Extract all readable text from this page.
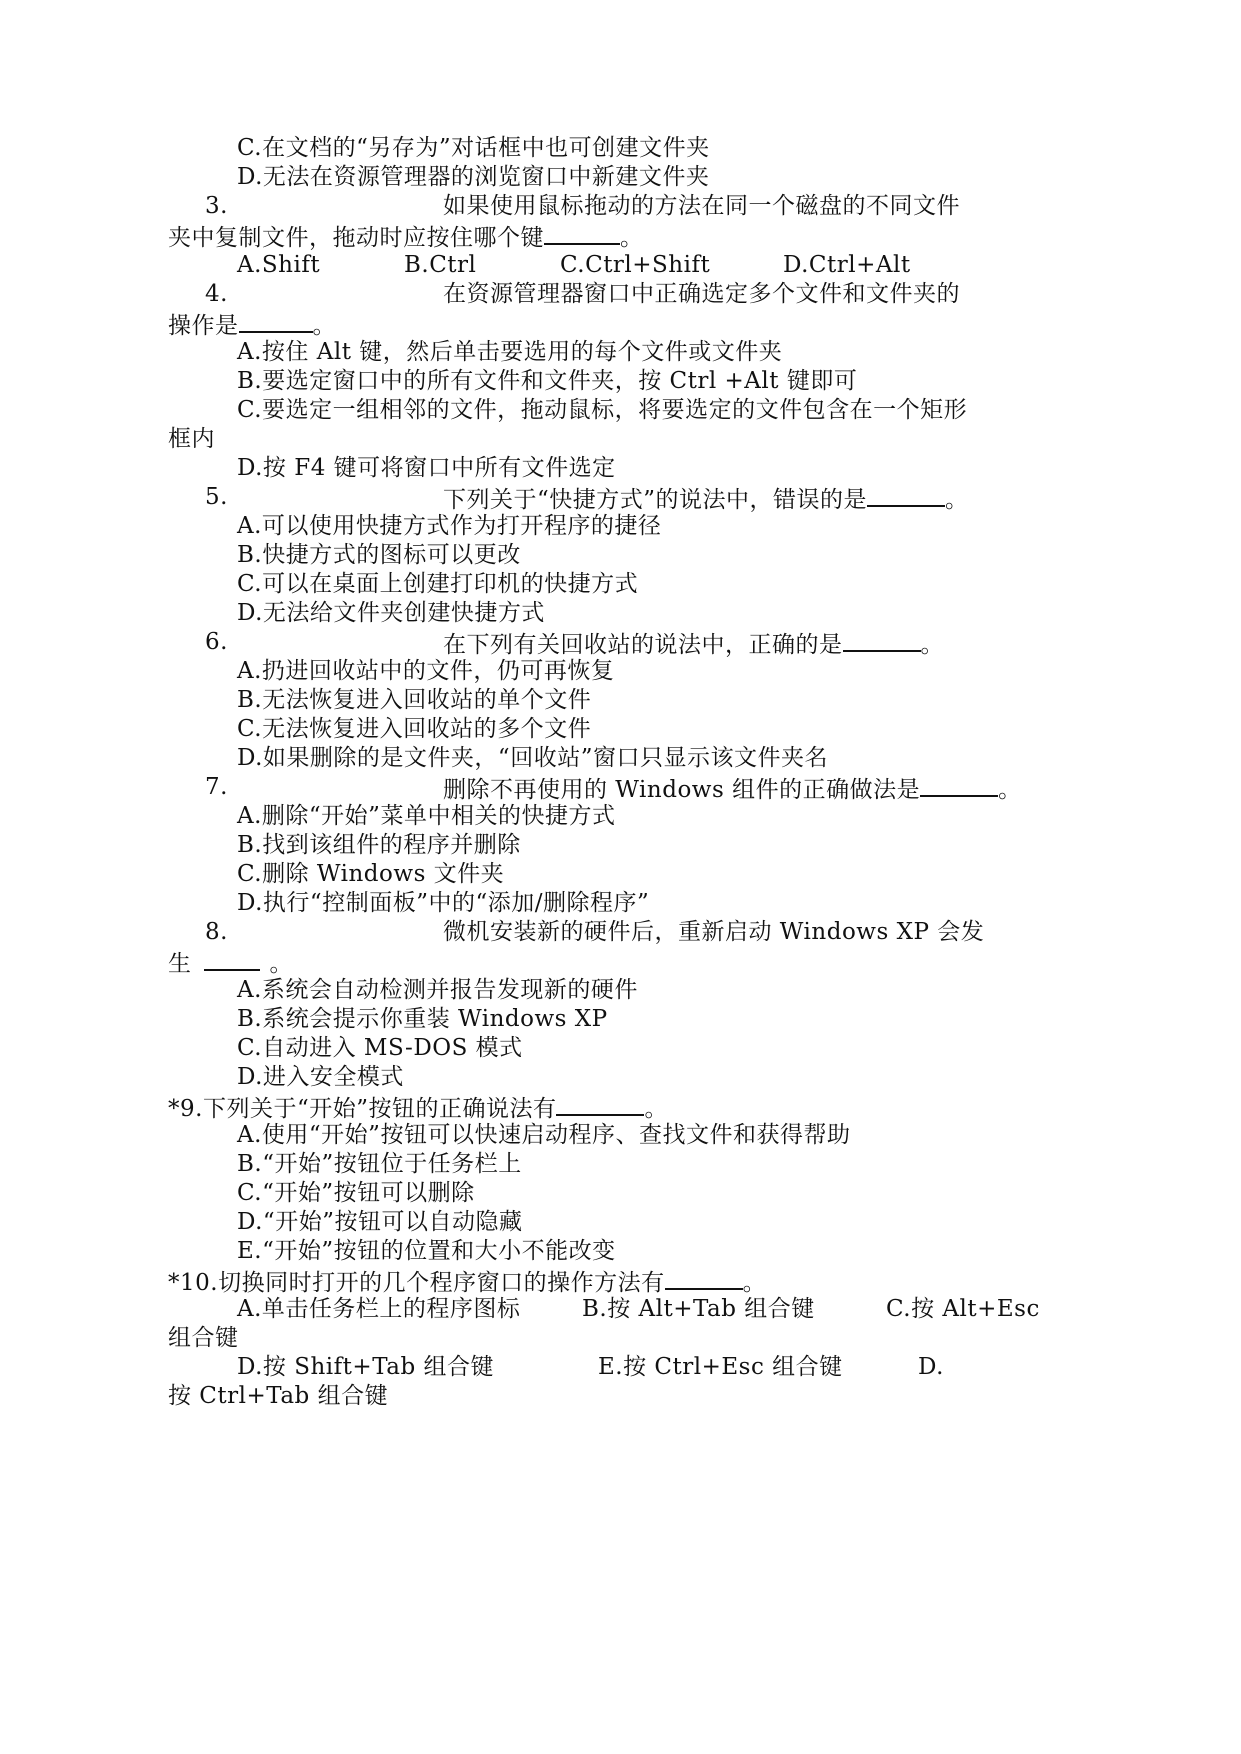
C.在文档的“另存为”对话框中也可创建文件夹
D.无法在资源管理器的浏览窗口中新建文件夹
3.	如果使用鼠标拖动的方法在同一个磁盘的不同文件
夹中复制文件，拖动时应按住哪个键	。
A.Shift	B.Ctrl	C.Ctrl+Shift	D.Ctrl+Alt
4.	在资源管理器窗口中正确选定多个文件和文件夹的
操作是	。
A.按住 Alt 键，然后单击要选用的每个文件或文件夹
B.要选定窗口中的所有文件和文件夹，按 Ctrl +Alt 键即可
C.要选定一组相邻的文件，拖动鼠标，将要选定的文件包含在一个矩形
框内
D.按 F4 键可将窗口中所有文件选定
5.	下列关于“快捷方式”的说法中，错误的是	。
A.可以使用快捷方式作为打开程序的捷径
B.快捷方式的图标可以更改
C.可以在桌面上创建打印机的快捷方式
D.无法给文件夹创建快捷方式
6.	在下列有关回收站的说法中，正确的是	。
A.扔进回收站中的文件，仍可再恢复
B.无法恢复进入回收站的单个文件
C.无法恢复进入回收站的多个文件
D.如果删除的是文件夹，“回收站”窗口只显示该文件夹名
7.	删除不再使用的 Windows 组件的正确做法是	。
A.删除“开始”菜单中相关的快捷方式
B.找到该组件的程序并删除
C.删除 Windows 文件夹
D.执行“控制面板”中的“添加/删除程序”
8.	微机安装新的硬件后，重新启动 Windows XP 会发
生	。
A.系统会自动检测并报告发现新的硬件
B.系统会提示你重装 Windows XP
C.自动进入 MS-DOS 模式
D.进入安全模式
*9.下列关于“开始”按钮的正确说法有	。
A.使用“开始”按钮可以快速启动程序、查找文件和获得帮助
B.“开始”按钮位于任务栏上
C.“开始”按钮可以删除
D.“开始”按钮可以自动隐藏
E.“开始”按钮的位置和大小不能改变
*10.切换同时打开的几个程序窗口的操作方法有	。
A.单击任务栏上的程序图标	B.按 Alt+Tab 组合键	C.按 Alt+Esc
组合键
D.按 Shift+Tab 组合键	E.按 Ctrl+Esc 组合键	D.
按 Ctrl+Tab 组合键
